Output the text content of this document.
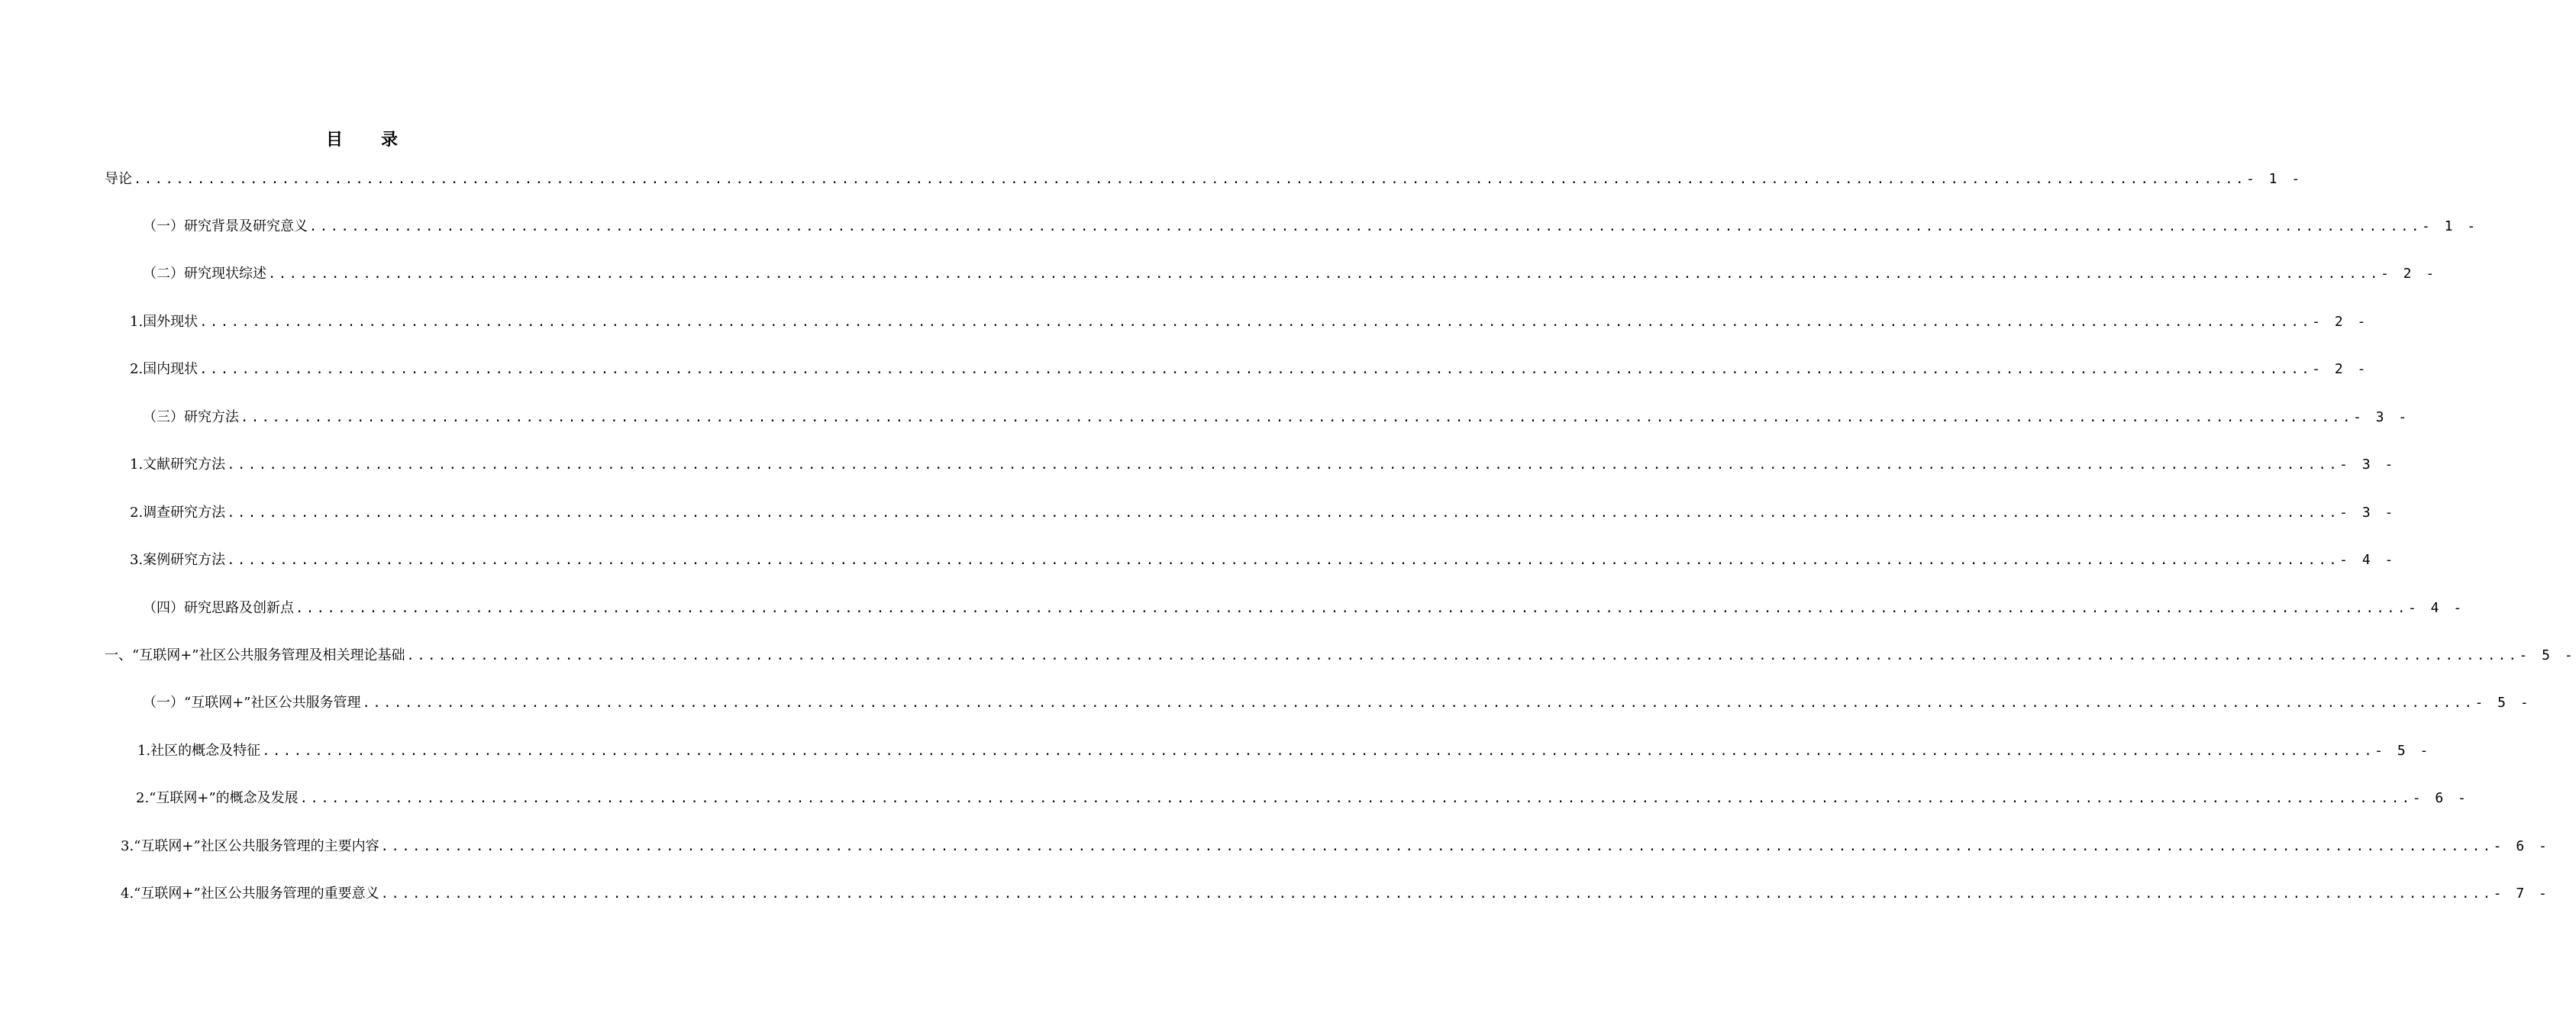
目 录
导论 ........................................................................................................................................................................................................ - 1 -
（一）研究背景及研究意义 ........................................................................................................................................................................................................ - 1 -
（二）研究现状综述 ........................................................................................................................................................................................................ - 2 -
1.国外现状 ........................................................................................................................................................................................................ - 2 -
2.国内现状 ........................................................................................................................................................................................................ - 2 -
（三）研究方法 ........................................................................................................................................................................................................ - 3 -
1.文献研究方法 ........................................................................................................................................................................................................ - 3 -
2.调查研究方法 ........................................................................................................................................................................................................ - 3 -
3.案例研究方法 ........................................................................................................................................................................................................ - 4 -
（四）研究思路及创新点 ........................................................................................................................................................................................................ - 4 -
一、“互联网+”社区公共服务管理及相关理论基础 ........................................................................................................................................................................................................ - 5 -
（一）“互联网+”社区公共服务管理 ........................................................................................................................................................................................................ - 5 -
1.社区的概念及特征 ........................................................................................................................................................................................................ - 5 -
2.“互联网+”的概念及发展 ........................................................................................................................................................................................................ - 6 -
3.“互联网+”社区公共服务管理的主要内容 ........................................................................................................................................................................................................ - 6 -
4.“互联网+”社区公共服务管理的重要意义 ........................................................................................................................................................................................................ - 7 -
